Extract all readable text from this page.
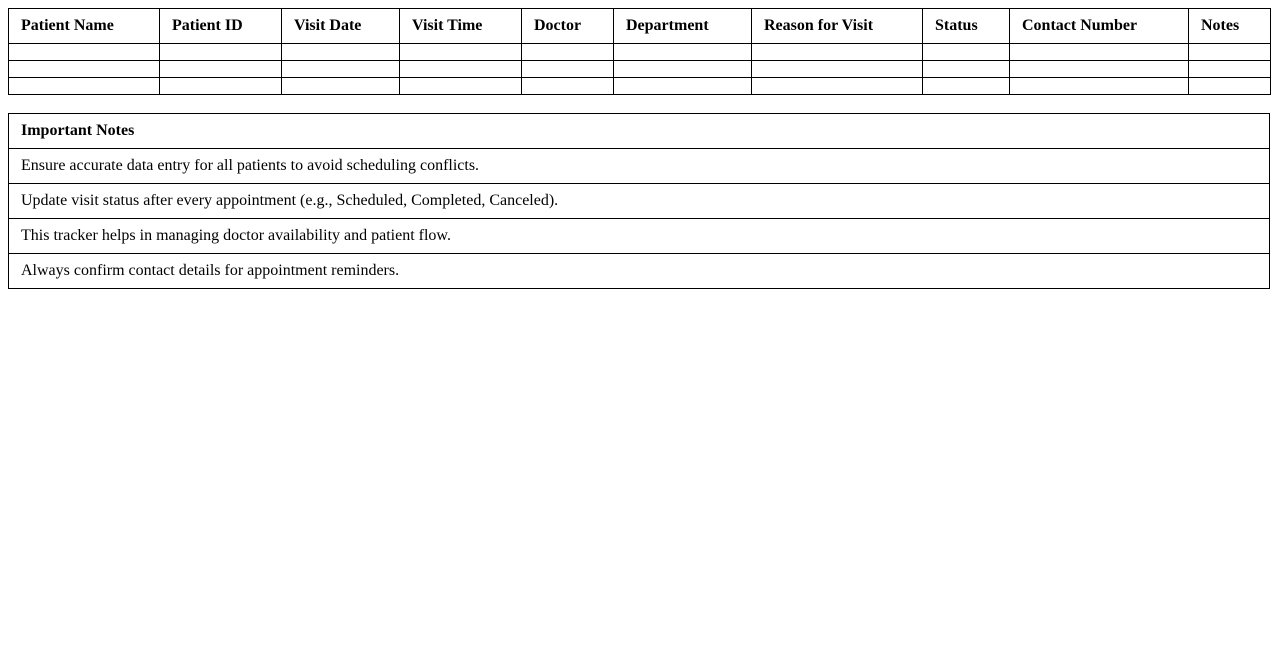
Patient Name	Patient ID	Visit Date	Visit Time	Doctor	Department	Reason for Visit	Status	Contact Number	Notes

Important Notes
Ensure accurate data entry for all patients to avoid scheduling conflicts.
Update visit status after every appointment (e.g., Scheduled, Completed, Canceled).
This tracker helps in managing doctor availability and patient flow.
Always confirm contact details for appointment reminders.
